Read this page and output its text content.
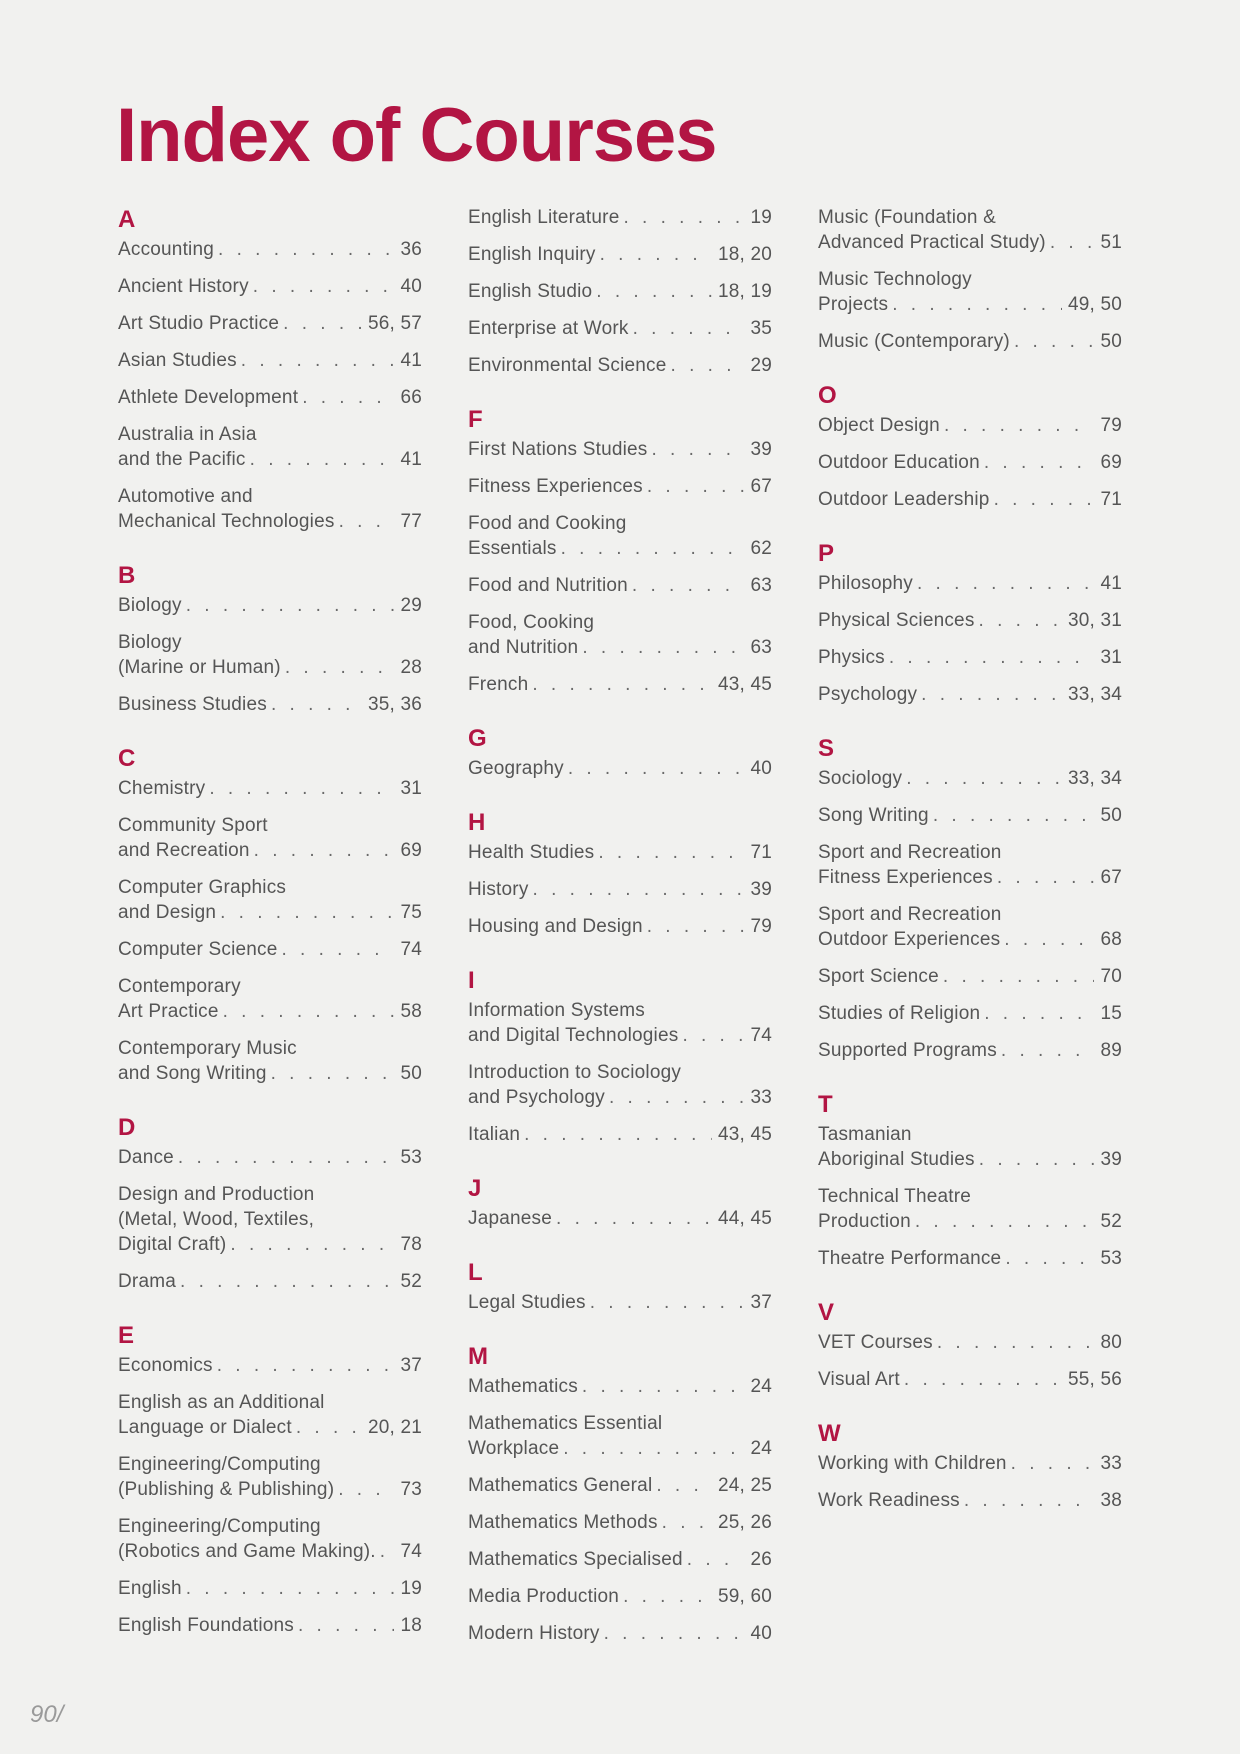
Index of Courses
A
Accounting . . .	36
Ancient History . . .	40
Art Studio Practice . . .	56, 57
Asian Studies . . .	41
Athlete Development . . .	66
Australia in Asia
and the Pacific . . .	41
Automotive and
Mechanical Technologies . . .	77
B
Biology . . .	29
Biology
(Marine or Human) . . .	28
Business Studies . . .	35, 36
C
Chemistry . . .	31
Community Sport
and Recreation . . .	69
Computer Graphics
and Design . . .	75
Computer Science . . .	74
Contemporary
Art Practice . . .	58
Contemporary Music
and Song Writing . . .	50
D
Dance . . .	53
Design and Production
(Metal, Wood, Textiles,
Digital Craft) . . .	78
Drama . . .	52
E
Economics . . .	37
English as an Additional
Language or Dialect . . .	20, 21
Engineering/Computing
(Publishing & Publishing) . . .	73
Engineering/Computing
(Robotics and Game Making). . . . 74
English . . .	19
English Foundations . . .	18
English Literature . . .	19
English Inquiry . . .	18, 20
English Studio . . .	18, 19
Enterprise at Work . . .	35
Environmental Science . . .	29
F
First Nations Studies . . .	39
Fitness Experiences . . .	67
Food and Cooking
Essentials . . .	62
Food and Nutrition . . .	63
Food, Cooking
and Nutrition . . .	63
French . . .	43, 45
G
Geography . . .	40
H
Health Studies . . .	71
History . . .	39
Housing and Design . . .	79
I
Information Systems
and Digital Technologies . . .	74
Introduction to Sociology
and Psychology . . .	33
Italian . . .	43, 45
J
Japanese . . .	44, 45
L
Legal Studies . . .	37
M
Mathematics . . .	24
Mathematics Essential
Workplace . . .	24
Mathematics General . . .	24, 25
Mathematics Methods . . .	25, 26
Mathematics Specialised . . .	26
Media Production . . .	59, 60
Modern History . . .	40
Music (Foundation &
Advanced Practical Study) . . .	51
Music Technology
Projects . . .	49, 50
Music (Contemporary) . . .	50
O
Object Design . . .	79
Outdoor Education . . .	69
Outdoor Leadership . . .	71
P
Philosophy . . .	41
Physical Sciences . . .	30, 31
Physics . . .	31
Psychology . . .	33, 34
S
Sociology . . .	33, 34
Song Writing . . .	50
Sport and Recreation
Fitness Experiences . . .	67
Sport and Recreation
Outdoor Experiences . . .	68
Sport Science . . .	70
Studies of Religion . . .	15
Supported Programs . . .	89
T
Tasmanian
Aboriginal Studies . . .	39
Technical Theatre
Production . . .	52
Theatre Performance . . .	53
V
VET Courses . . .	80
Visual Art . . .	55, 56
W
Working with Children . . .	33
Work Readiness . . .	38
90/
